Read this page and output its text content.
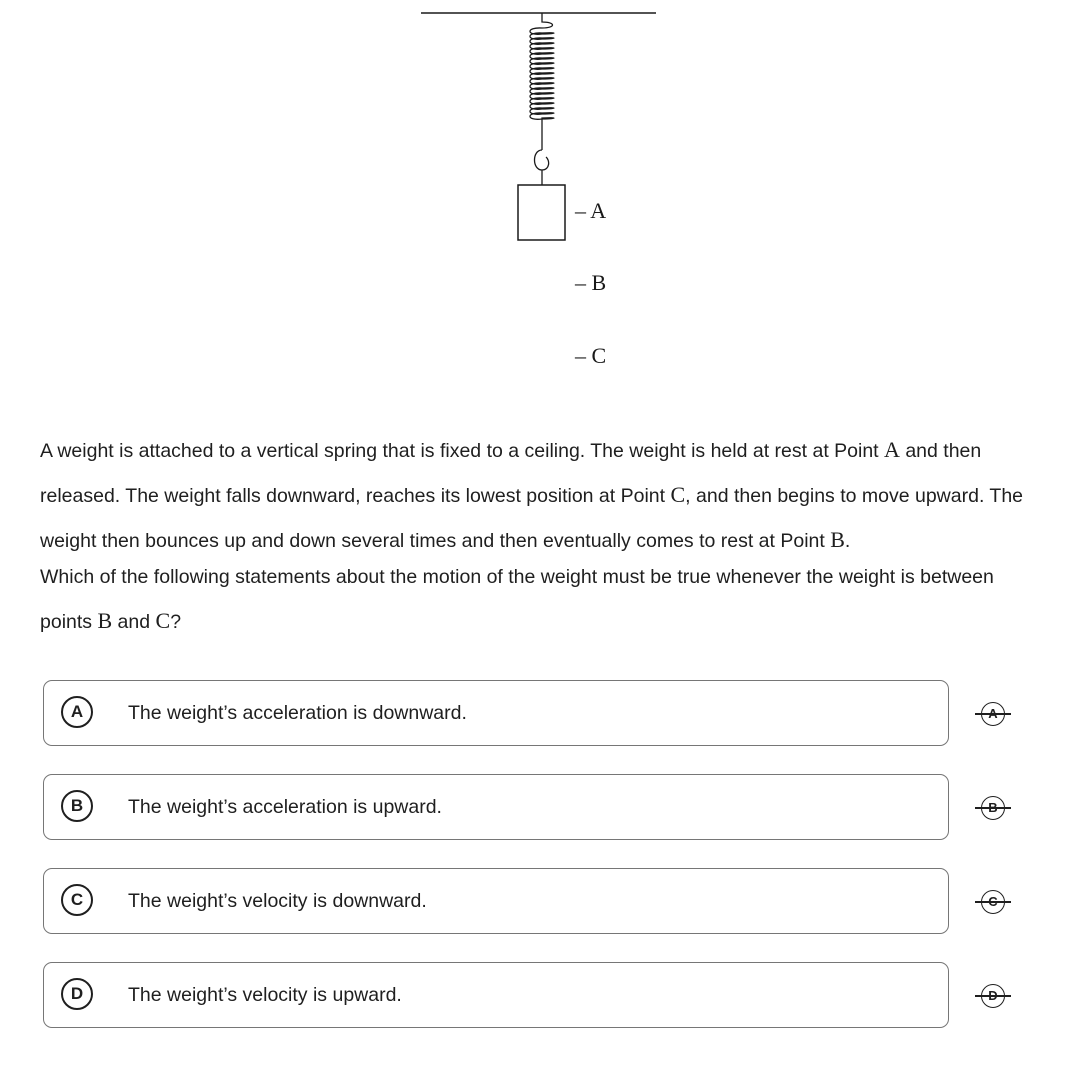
– A
– B
– C

A weight is attached to a vertical spring that is fixed to a ceiling. The weight is held at rest at Point A and then released. The weight falls downward, reaches its lowest position at Point C, and then begins to move upward. The weight then bounces up and down several times and then eventually comes to rest at Point B.

Which of the following statements about the motion of the weight must be true whenever the weight is between points B and C?

A	The weight’s acceleration is downward.
B	The weight’s acceleration is upward.
C	The weight’s velocity is downward.
D	The weight’s velocity is upward.
